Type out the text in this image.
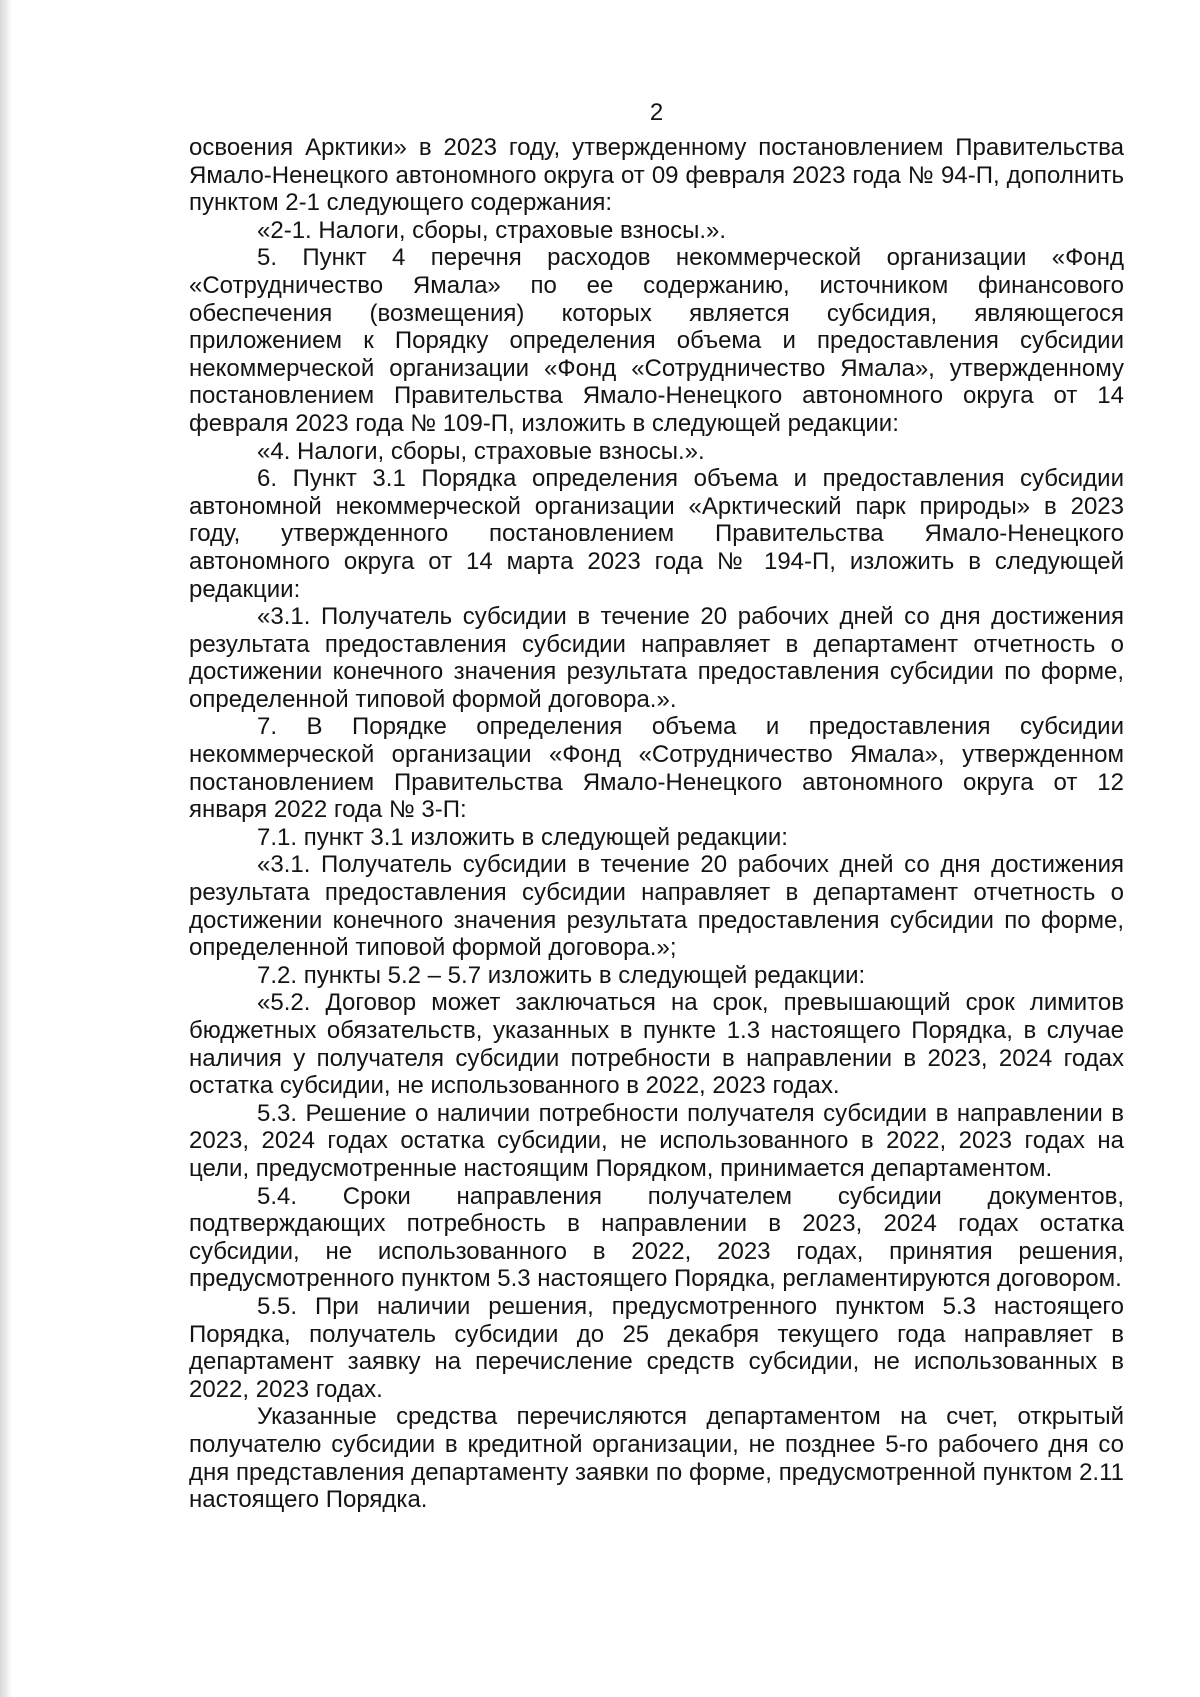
2

освоения Арктики» в 2023 году, утвержденному постановлением Правительства Ямало-Ненецкого автономного округа от 09 февраля 2023 года № 94-П, дополнить пунктом 2-1 следующего содержания:

«2-1. Налоги, сборы, страховые взносы.».

5. Пункт 4 перечня расходов некоммерческой организации «Фонд «Сотрудничество Ямала» по ее содержанию, источником финансового обеспечения (возмещения) которых является субсидия, являющегося приложением к Порядку определения объема и предоставления субсидии некоммерческой организации «Фонд «Сотрудничество Ямала», утвержденному постановлением Правительства Ямало-Ненецкого автономного округа от 14 февраля 2023 года № 109-П, изложить в следующей редакции:

«4. Налоги, сборы, страховые взносы.».

6. Пункт 3.1 Порядка определения объема и предоставления субсидии автономной некоммерческой организации «Арктический парк природы» в 2023 году, утвержденного постановлением Правительства Ямало-Ненецкого автономного округа от 14 марта 2023 года № 194-П, изложить в следующей редакции:

«3.1. Получатель субсидии в течение 20 рабочих дней со дня достижения результата предоставления субсидии направляет в департамент отчетность о достижении конечного значения результата предоставления субсидии по форме, определенной типовой формой договора.».

7. В Порядке определения объема и предоставления субсидии некоммерческой организации «Фонд «Сотрудничество Ямала», утвержденном постановлением Правительства Ямало-Ненецкого автономного округа от 12 января 2022 года № 3-П:

7.1. пункт 3.1 изложить в следующей редакции:

«3.1. Получатель субсидии в течение 20 рабочих дней со дня достижения результата предоставления субсидии направляет в департамент отчетность о достижении конечного значения результата предоставления субсидии по форме, определенной типовой формой договора.»;

7.2. пункты 5.2 – 5.7 изложить в следующей редакции:

«5.2. Договор может заключаться на срок, превышающий срок лимитов бюджетных обязательств, указанных в пункте 1.3 настоящего Порядка, в случае наличия у получателя субсидии потребности в направлении в 2023, 2024 годах остатка субсидии, не использованного в 2022, 2023 годах.

5.3. Решение о наличии потребности получателя субсидии в направлении в 2023, 2024 годах остатка субсидии, не использованного в 2022, 2023 годах на цели, предусмотренные настоящим Порядком, принимается департаментом.

5.4. Сроки направления получателем субсидии документов, подтверждающих потребность в направлении в 2023, 2024 годах остатка субсидии, не использованного в 2022, 2023 годах, принятия решения, предусмотренного пунктом 5.3 настоящего Порядка, регламентируются договором.

5.5. При наличии решения, предусмотренного пунктом 5.3 настоящего Порядка, получатель субсидии до 25 декабря текущего года направляет в департамент заявку на перечисление средств субсидии, не использованных в 2022, 2023 годах.

Указанные средства перечисляются департаментом на счет, открытый получателю субсидии в кредитной организации, не позднее 5-го рабочего дня со дня представления департаменту заявки по форме, предусмотренной пунктом 2.11 настоящего Порядка.
